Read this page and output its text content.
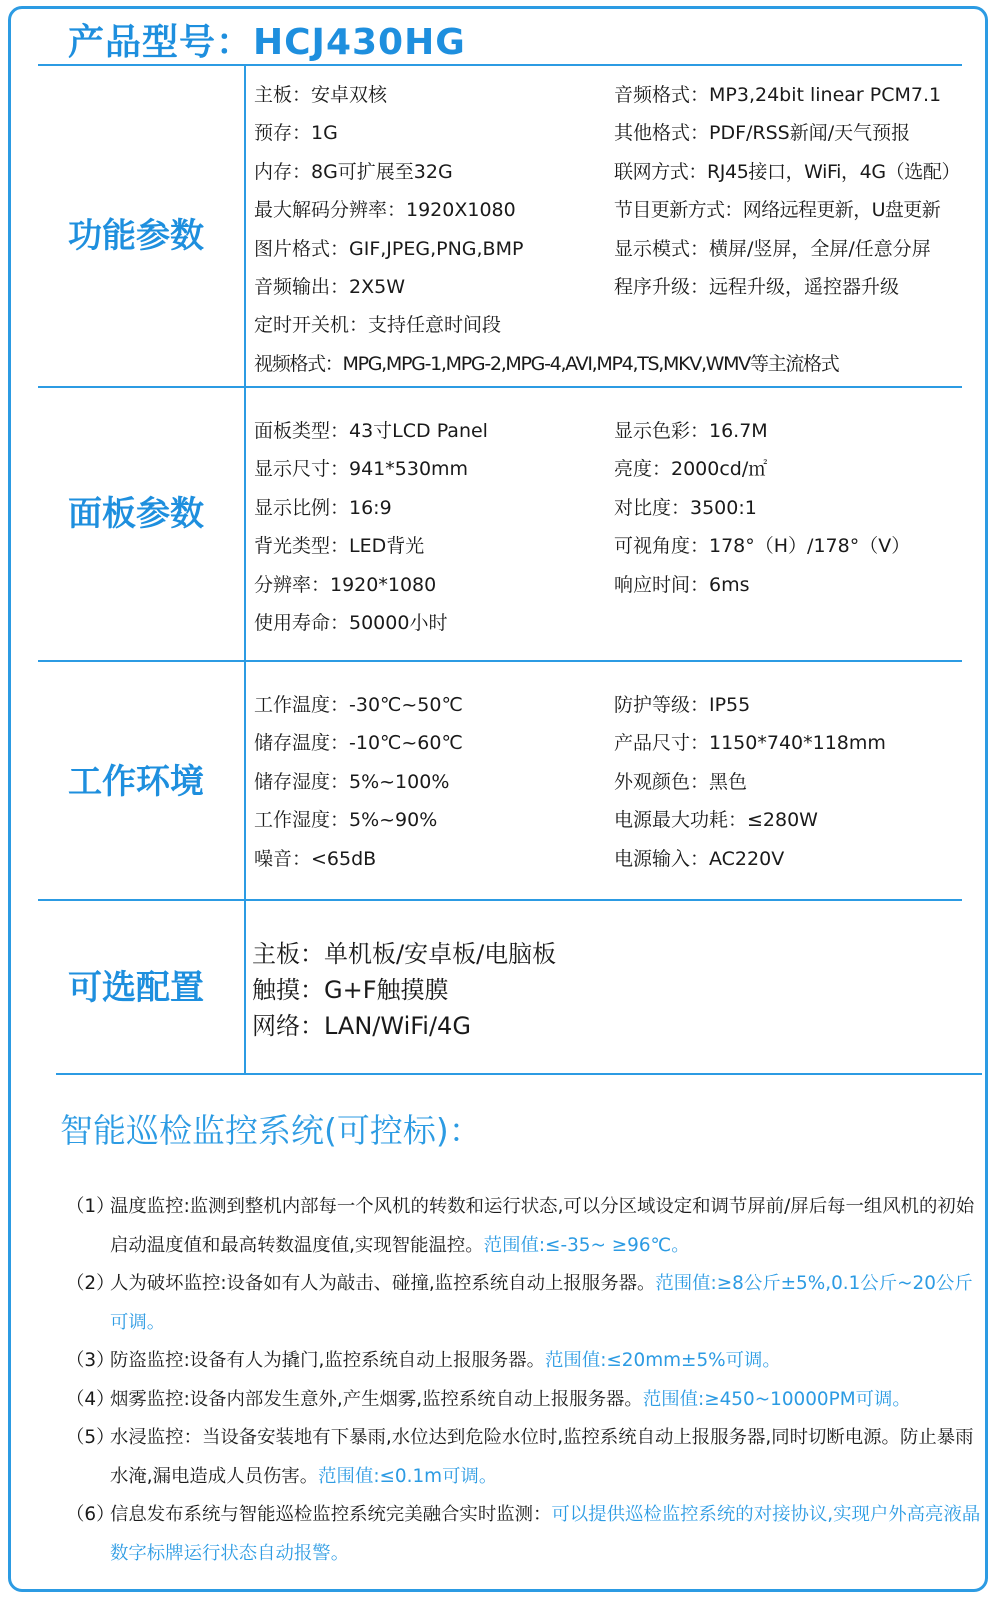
产品型号：HCJ430HG
功能参数
主板：安卓双核
预存：1G
内存：8G可扩展至32G
最大解码分辨率：1920X1080
图片格式：GIF,JPEG,PNG,BMP
音频输出：2X5W
定时开关机：支持任意时间段
视频格式：MPG,MPG-1,MPG-2,MPG-4,AVI,MP4,TS,MKV,WMV等主流格式
音频格式：MP3,24bit linear PCM7.1
其他格式：PDF/RSS新闻/天气预报
联网方式：RJ45接口，WiFi，4G（选配）
节目更新方式：网络远程更新，U盘更新
显示模式：横屏/竖屏，全屏/任意分屏
程序升级：远程升级，遥控器升级
面板参数
面板类型：43寸LCD Panel
显示尺寸：941*530mm
显示比例：16:9
背光类型：LED背光
分辨率：1920*1080
使用寿命：50000小时
显示色彩：16.7M
亮度：2000cd/㎡
对比度：3500:1
可视角度：178°（H）/178°（V）
响应时间：6ms
工作环境
工作温度：-30℃~50℃
储存温度：-10℃~60℃
储存湿度：5%~100%
工作湿度：5%~90%
噪音：<65dB
防护等级：IP55
产品尺寸：1150*740*118mm
外观颜色：黑色
电源最大功耗：≤280W
电源输入：AC220V
可选配置
主板：单机板/安卓板/电脑板
触摸：G+F触摸膜
网络：LAN/WiFi/4G
智能巡检监控系统(可控标)：
（1）
温度监控:监测到整机内部每一个风机的转数和运行状态,可以分区域设定和调节屏前/屏后每一组风机的初始启动温度值和最高转数温度值,实现智能温控。范围值:≤-35~ ≥96℃。
（2）
人为破坏监控:设备如有人为敲击、碰撞,监控系统自动上报服务器。范围值:≥8公斤±5%,0.1公斤~20公斤可调。
（3）
防盗监控:设备有人为撬门,监控系统自动上报服务器。范围值:≤20mm±5%可调。
（4）
烟雾监控:设备内部发生意外,产生烟雾,监控系统自动上报服务器。范围值:≥450~10000PM可调。
（5）
水浸监控：当设备安装地有下暴雨,水位达到危险水位时,监控系统自动上报服务器,同时切断电源。防止暴雨水淹,漏电造成人员伤害。范围值:≤0.1m可调。
（6）
信息发布系统与智能巡检监控系统完美融合实时监测：可以提供巡检监控系统的对接协议,实现户外高亮液晶数字标牌运行状态自动报警。
